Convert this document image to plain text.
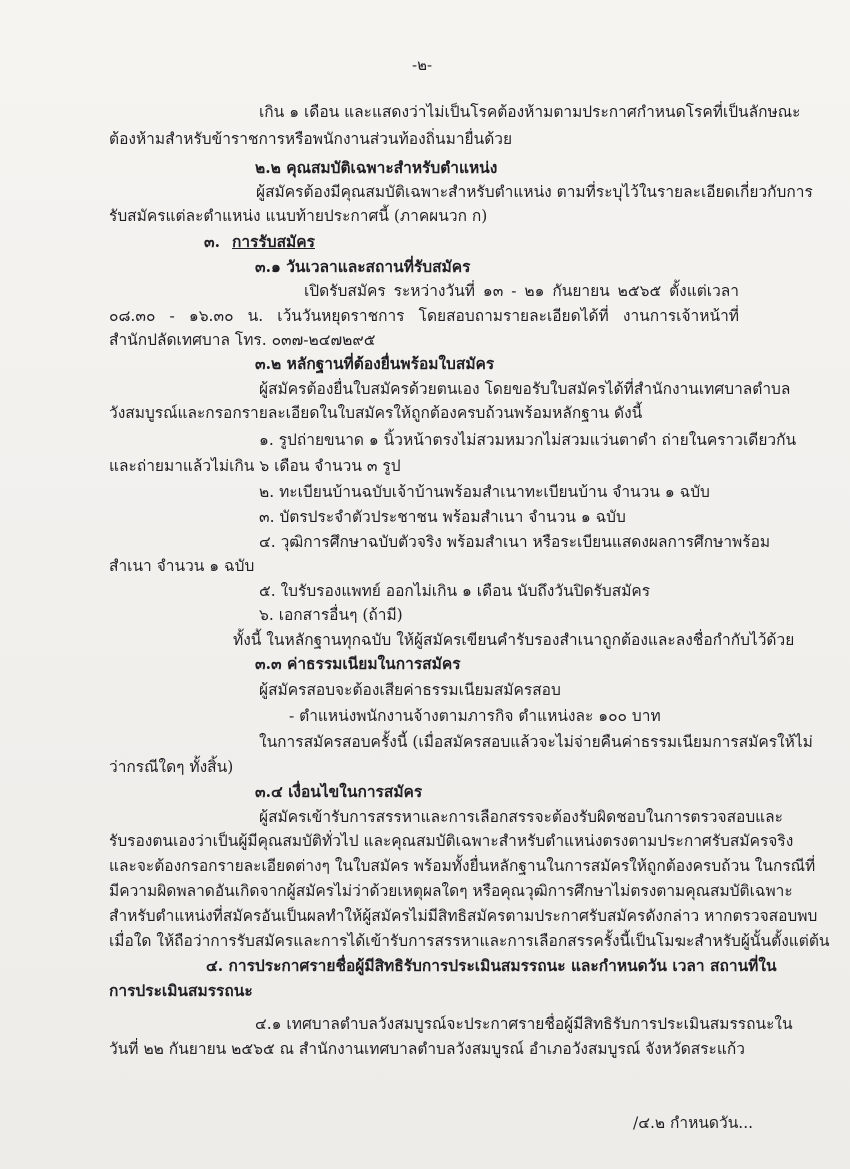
-๒-
เกิน ๑ เดือน และแสดงว่าไม่เป็นโรคต้องห้ามตามประกาศกำหนดโรคที่เป็นลักษณะ
ต้องห้ามสำหรับข้าราชการหรือพนักงานส่วนท้องถิ่นมายื่นด้วย
๒.๒ คุณสมบัติเฉพาะสำหรับตำแหน่ง
ผู้สมัครต้องมีคุณสมบัติเฉพาะสำหรับตำแหน่ง ตามที่ระบุไว้ในรายละเอียดเกี่ยวกับการ
รับสมัครแต่ละตำแหน่ง แนบท้ายประกาศนี้ (ภาคผนวก ก)
๓. การรับสมัคร
๓.๑ วันเวลาและสถานที่รับสมัคร
เปิดรับสมัคร ระหว่างวันที่ ๑๓ - ๒๑ กันยายน ๒๕๖๕ ตั้งแต่เวลา
๐๘.๓๐ - ๑๖.๓๐ น. เว้นวันหยุดราชการ โดยสอบถามรายละเอียดได้ที่ งานการเจ้าหน้าที่
สำนักปลัดเทศบาล โทร. ๐๓๗-๒๔๗๒๙๕
๓.๒ หลักฐานที่ต้องยื่นพร้อมใบสมัคร
ผู้สมัครต้องยื่นใบสมัครด้วยตนเอง โดยขอรับใบสมัครได้ที่สำนักงานเทศบาลตำบล
วังสมบูรณ์และกรอกรายละเอียดในใบสมัครให้ถูกต้องครบถ้วนพร้อมหลักฐาน ดังนี้
๑. รูปถ่ายขนาด ๑ นิ้วหน้าตรงไม่สวมหมวกไม่สวมแว่นตาดำ ถ่ายในคราวเดียวกัน
และถ่ายมาแล้วไม่เกิน ๖ เดือน จำนวน ๓ รูป
๒. ทะเบียนบ้านฉบับเจ้าบ้านพร้อมสำเนาทะเบียนบ้าน จำนวน ๑ ฉบับ
๓. บัตรประจำตัวประชาชน พร้อมสำเนา จำนวน ๑ ฉบับ
๔. วุฒิการศึกษาฉบับตัวจริง พร้อมสำเนา หรือระเบียนแสดงผลการศึกษาพร้อม
สำเนา จำนวน ๑ ฉบับ
๕. ใบรับรองแพทย์ ออกไม่เกิน ๑ เดือน นับถึงวันปิดรับสมัคร
๖. เอกสารอื่นๆ (ถ้ามี)
ทั้งนี้ ในหลักฐานทุกฉบับ ให้ผู้สมัครเขียนคำรับรองสำเนาถูกต้องและลงชื่อกำกับไว้ด้วย
๓.๓ ค่าธรรมเนียมในการสมัคร
ผู้สมัครสอบจะต้องเสียค่าธรรมเนียมสมัครสอบ
- ตำแหน่งพนักงานจ้างตามภารกิจ ตำแหน่งละ ๑๐๐ บาท
ในการสมัครสอบครั้งนี้ (เมื่อสมัครสอบแล้วจะไม่จ่ายคืนค่าธรรมเนียมการสมัครให้ไม่
ว่ากรณีใดๆ ทั้งสิ้น)
๓.๔ เงื่อนไขในการสมัคร
ผู้สมัครเข้ารับการสรรหาและการเลือกสรรจะต้องรับผิดชอบในการตรวจสอบและ
รับรองตนเองว่าเป็นผู้มีคุณสมบัติทั่วไป และคุณสมบัติเฉพาะสำหรับตำแหน่งตรงตามประกาศรับสมัครจริง
และจะต้องกรอกรายละเอียดต่างๆ ในใบสมัคร พร้อมทั้งยื่นหลักฐานในการสมัครให้ถูกต้องครบถ้วน ในกรณีที่
มีความผิดพลาดอันเกิดจากผู้สมัครไม่ว่าด้วยเหตุผลใดๆ หรือคุณวุฒิการศึกษาไม่ตรงตามคุณสมบัติเฉพาะ
สำหรับตำแหน่งที่สมัครอันเป็นผลทำให้ผู้สมัครไม่มีสิทธิสมัครตามประกาศรับสมัครดังกล่าว หากตรวจสอบพบ
เมื่อใด ให้ถือว่าการรับสมัครและการได้เข้ารับการสรรหาและการเลือกสรรครั้งนี้เป็นโมฆะสำหรับผู้นั้นตั้งแต่ต้น
๔. การประกาศรายชื่อผู้มีสิทธิรับการประเมินสมรรถนะ และกำหนดวัน เวลา สถานที่ใน
การประเมินสมรรถนะ
๔.๑ เทศบาลตำบลวังสมบูรณ์จะประกาศรายชื่อผู้มีสิทธิรับการประเมินสมรรถนะใน
วันที่ ๒๒ กันยายน ๒๕๖๕ ณ สำนักงานเทศบาลตำบลวังสมบูรณ์ อำเภอวังสมบูรณ์ จังหวัดสระแก้ว
/๔.๒ กำหนดวัน...
